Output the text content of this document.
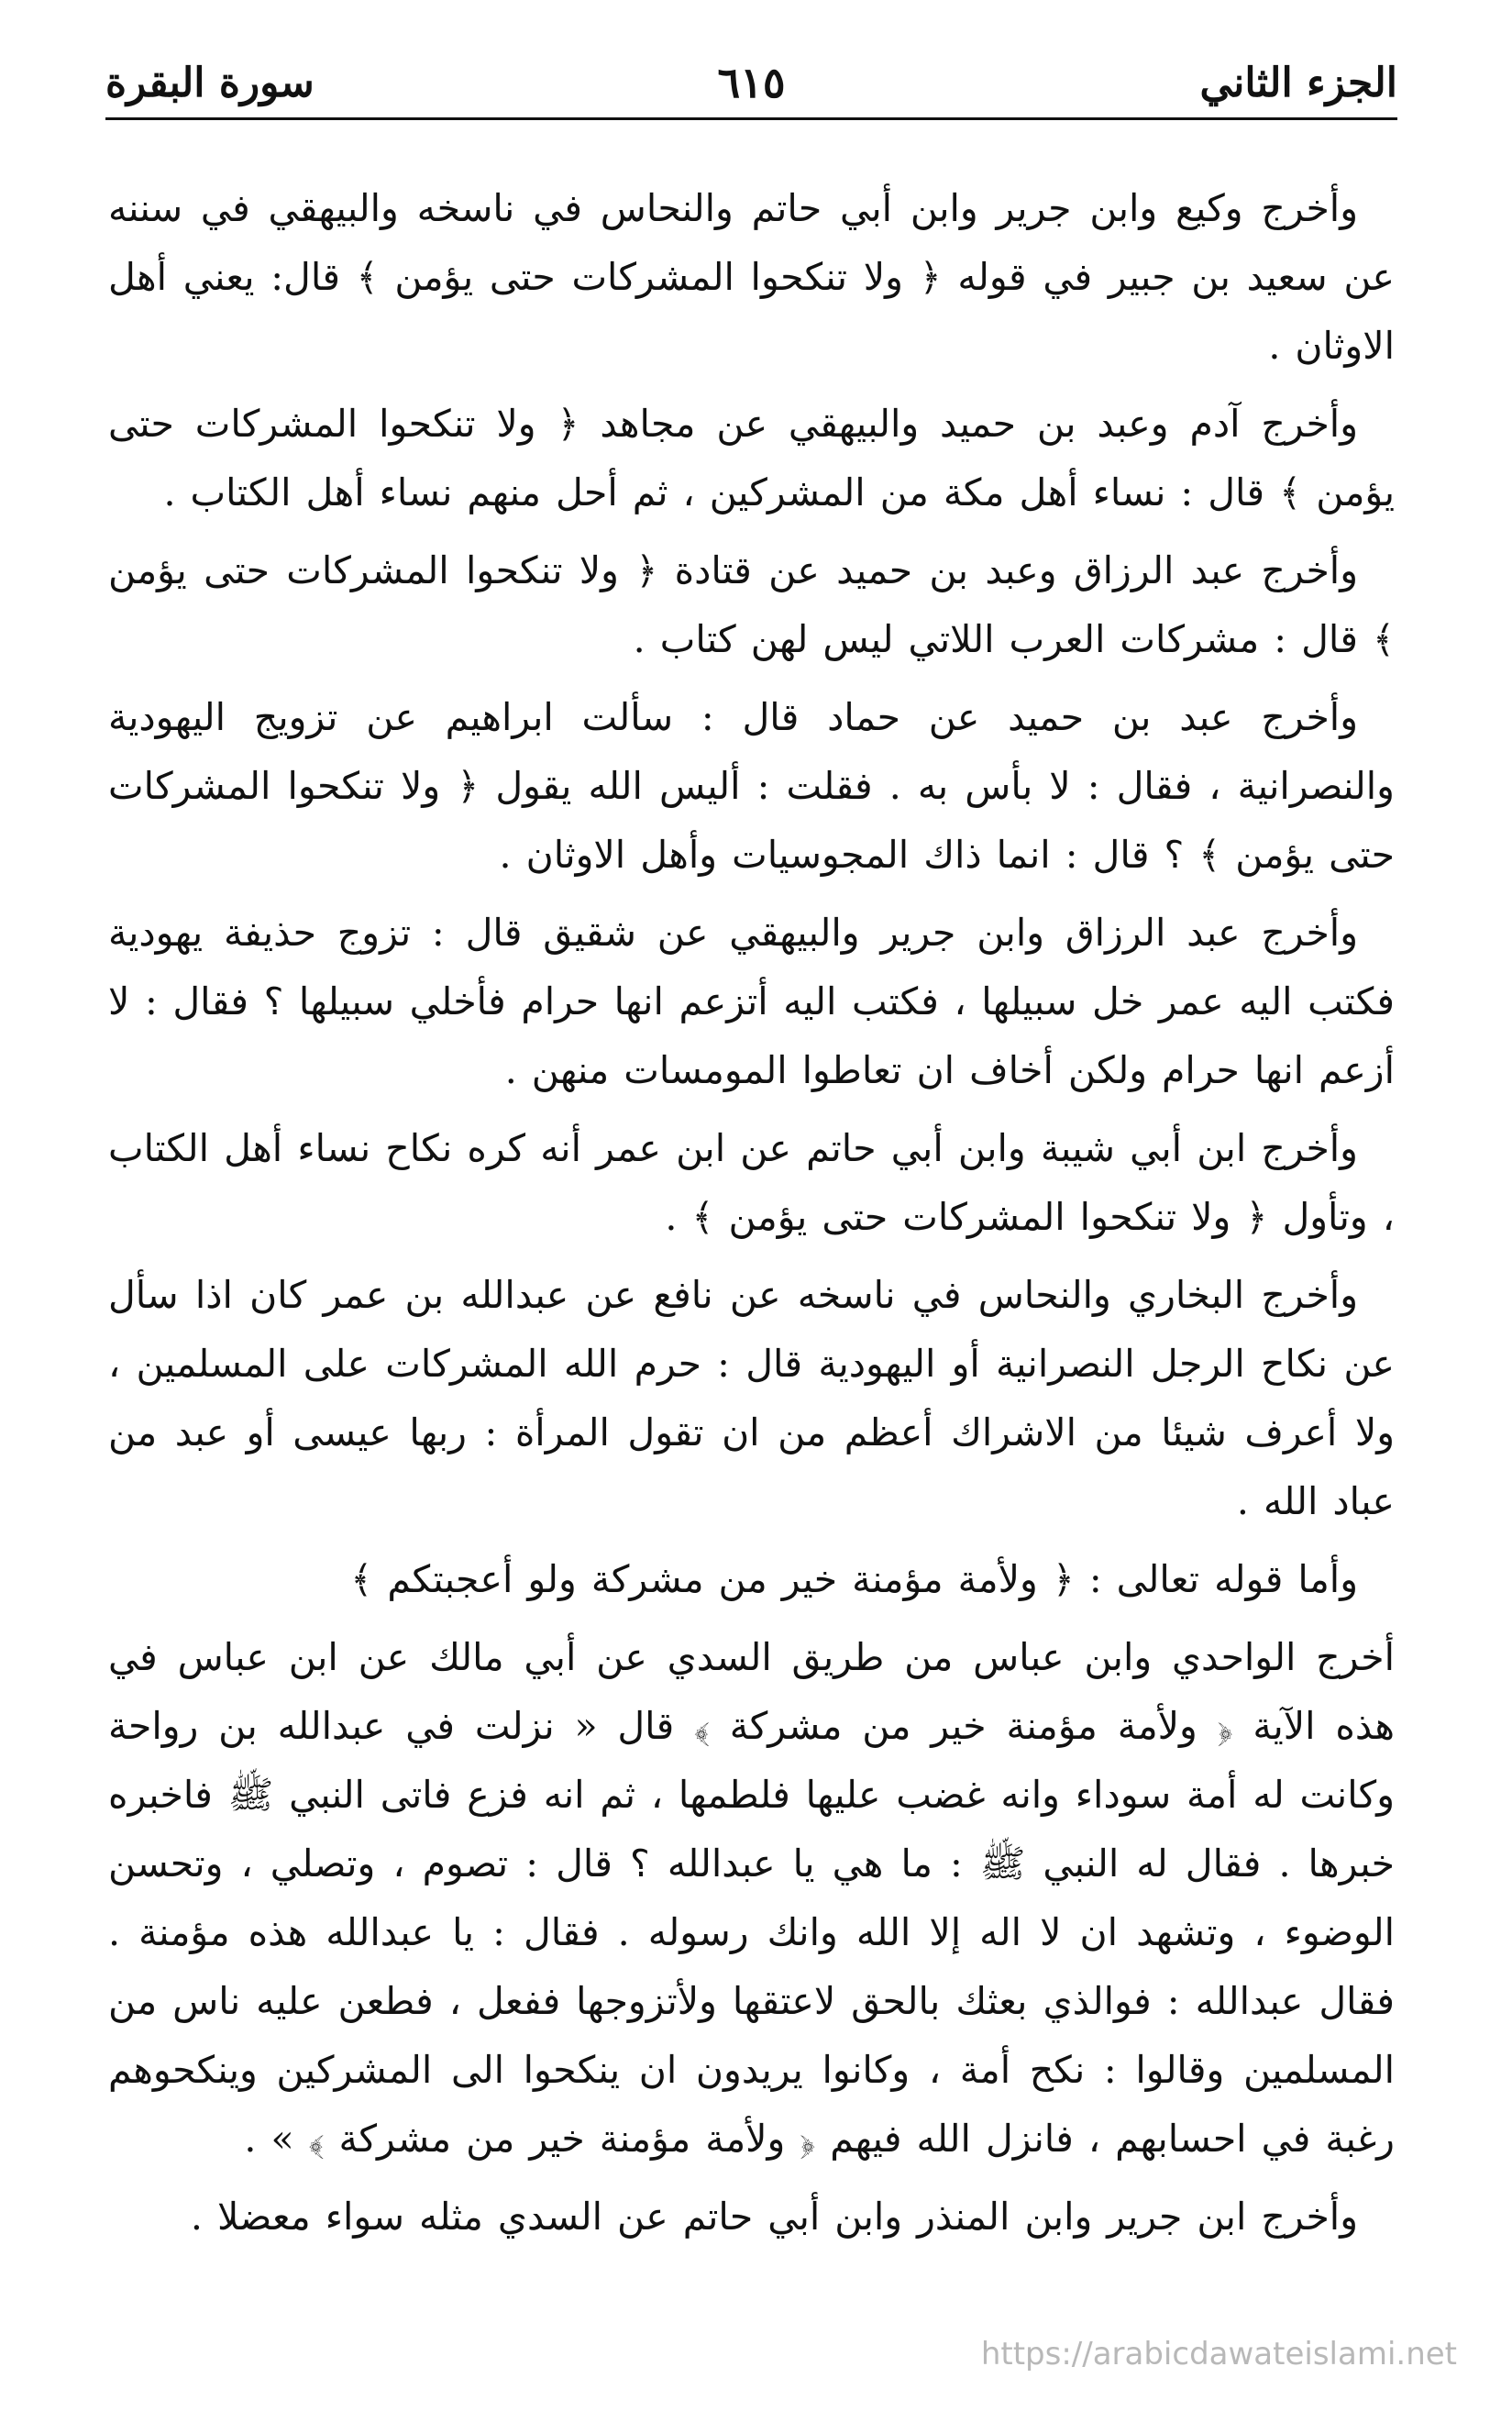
الجزء الثاني
٦١٥
سورة البقرة

وأخرج وكيع وابن جرير وابن أبي حاتم والنحاس في ناسخه والبيهقي في سننه عن سعيد بن جبير في قوله ﴿ ولا تنكحوا المشركات حتى يؤمن ﴾ قال: يعني أهل الاوثان .

وأخرج آدم وعبد بن حميد والبيهقي عن مجاهد ﴿ ولا تنكحوا المشركات حتى يؤمن ﴾ قال : نساء أهل مكة من المشركين ، ثم أحل منهم نساء أهل الكتاب .

وأخرج عبد الرزاق وعبد بن حميد عن قتادة ﴿ ولا تنكحوا المشركات حتى يؤمن ﴾ قال : مشركات العرب اللاتي ليس لهن كتاب .

وأخرج عبد بن حميد عن حماد قال : سألت ابراهيم عن تزويج اليهودية والنصرانية ، فقال : لا بأس به . فقلت : أليس الله يقول ﴿ ولا تنكحوا المشركات حتى يؤمن ﴾ ؟ قال : انما ذاك المجوسيات وأهل الاوثان .

وأخرج عبد الرزاق وابن جرير والبيهقي عن شقيق قال : تزوج حذيفة يهودية فكتب اليه عمر خل سبيلها ، فكتب اليه أتزعم انها حرام فأخلي سبيلها ؟ فقال : لا أزعم انها حرام ولكن أخاف ان تعاطوا المومسات منهن .

وأخرج ابن أبي شيبة وابن أبي حاتم عن ابن عمر أنه كره نكاح نساء أهل الكتاب ، وتأول ﴿ ولا تنكحوا المشركات حتى يؤمن ﴾ .

وأخرج البخاري والنحاس في ناسخه عن نافع عن عبدالله بن عمر كان اذا سأل عن نكاح الرجل النصرانية أو اليهودية قال : حرم الله المشركات على المسلمين ، ولا أعرف شيئا من الاشراك أعظم من ان تقول المرأة : ربها عيسى أو عبد من عباد الله .

وأما قوله تعالى : ﴿ ولأمة مؤمنة خير من مشركة ولو أعجبتكم ﴾

أخرج الواحدي وابن عباس من طريق السدي عن أبي مالك عن ابن عباس في هذه الآية ﴿ ولأمة مؤمنة خير من مشركة ﴾ قال « نزلت في عبدالله بن رواحة وكانت له أمة سوداء وانه غضب عليها فلطمها ، ثم انه فزع فاتى النبي ﷺ فاخبره خبرها . فقال له النبي ﷺ : ما هي يا عبدالله ؟ قال : تصوم ، وتصلي ، وتحسن الوضوء ، وتشهد ان لا اله إلا الله وانك رسوله . فقال : يا عبدالله هذه مؤمنة . فقال عبدالله : فوالذي بعثك بالحق لاعتقها ولأتزوجها ففعل ، فطعن عليه ناس من المسلمين وقالوا : نكح أمة ، وكانوا يريدون ان ينكحوا الى المشركين وينكحوهم رغبة في احسابهم ، فانزل الله فيهم ﴿ ولأمة مؤمنة خير من مشركة ﴾ » .

وأخرج ابن جرير وابن المنذر وابن أبي حاتم عن السدي مثله سواء معضلا .

https://arabicdawateislami.net
